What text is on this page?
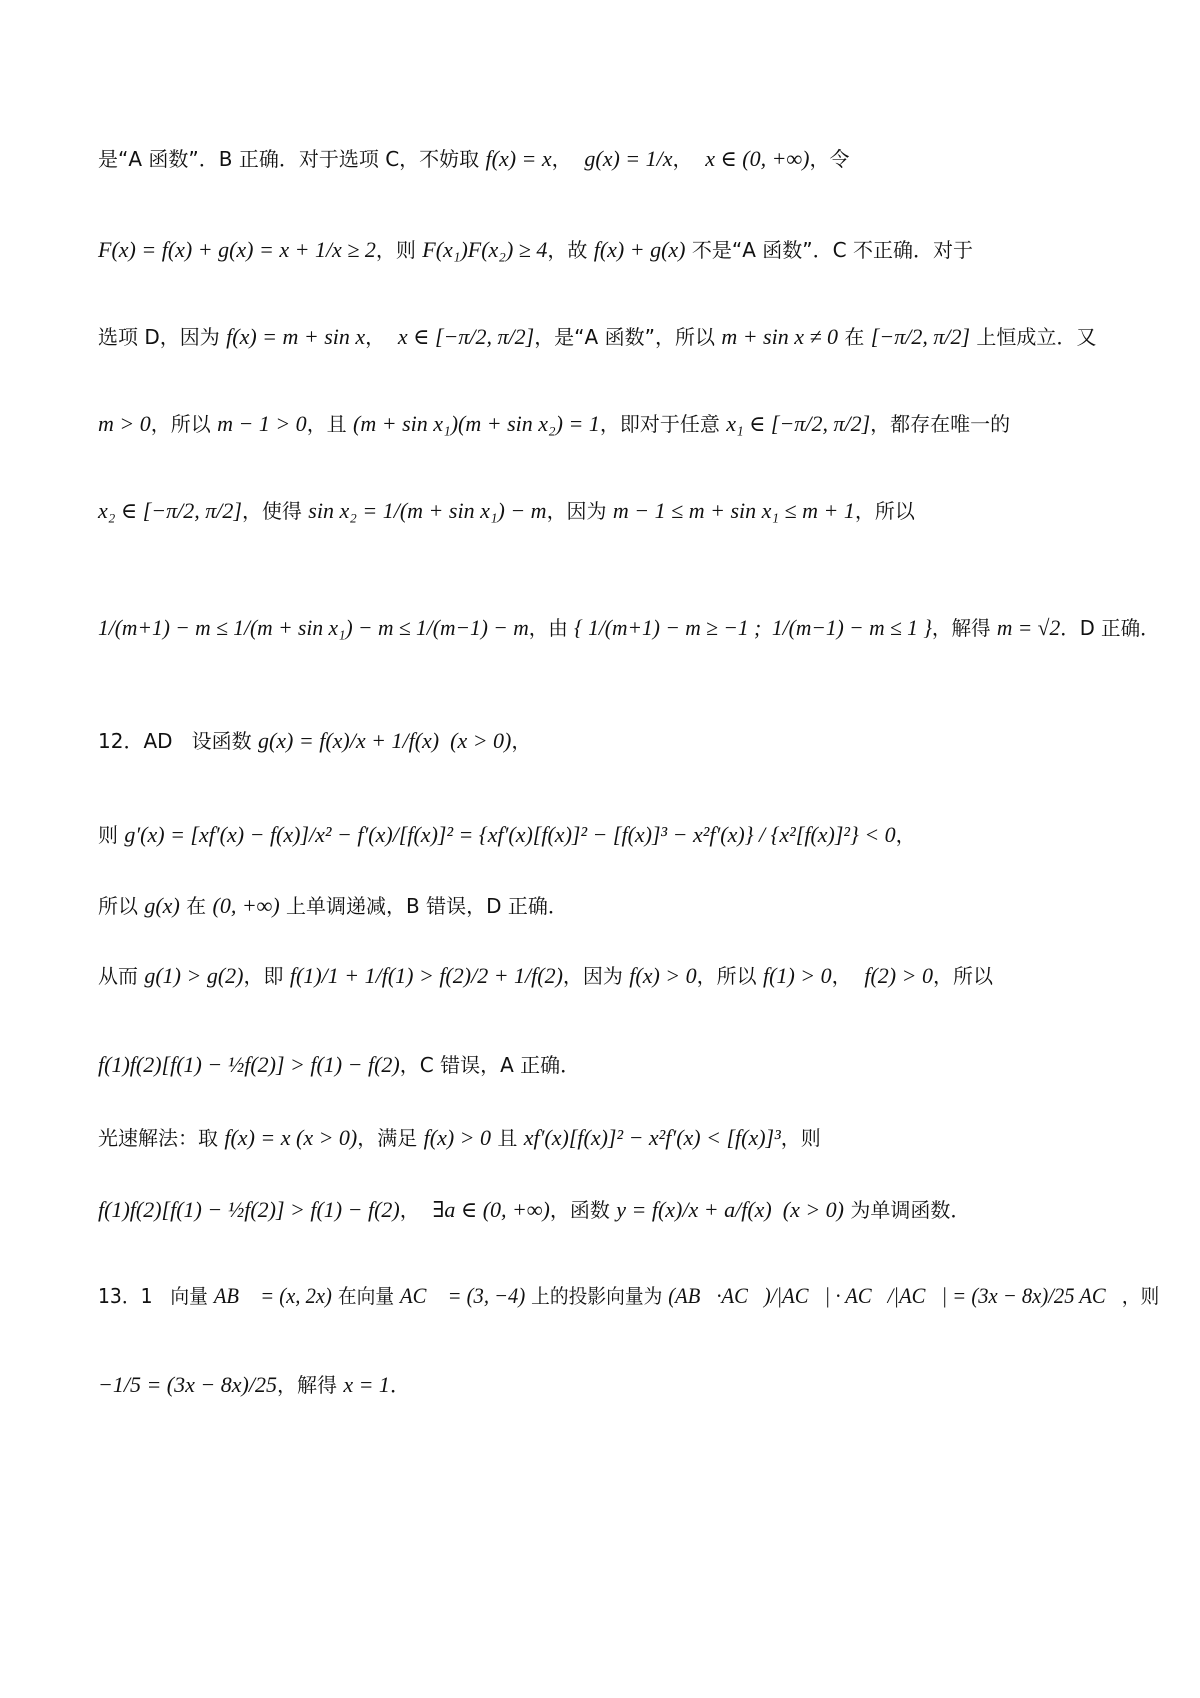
是“A 函数”．B 正确．对于选项 C，不妨取 f(x) = x ， g(x) = 1/x ， x ∈ (0, +∞) ，令
F(x) = f(x) + g(x) = x + 1/x ≥ 2 ，则 F(x₁)F(x₂) ≥ 4 ，故 f(x) + g(x) 不是“A 函数”．C 不正确．对于
选项 D，因为 f(x) = m + sin x ， x ∈ [−π/2, π/2] ，是“A 函数”，所以 m + sin x ≠ 0 在 [−π/2, π/2] 上恒成立．又
m > 0 ，所以 m − 1 > 0 ，且 (m + sin x₁)(m + sin x₂) = 1 ，即对于任意 x₁ ∈ [−π/2, π/2] ，都存在唯一的
x₂ ∈ [−π/2, π/2] ，使得 sin x₂ = 1/(m + sin x₁) − m ，因为 m − 1 ≤ m + sin x₁ ≤ m + 1 ，所以
1/(m+1) − m ≤ 1/(m + sin x₁) − m ≤ 1/(m−1) − m ，由 { 1/(m+1) − m ≥ −1 ;  1/(m−1) − m ≤ 1 } ，解得 m = √2 ．D 正确．
12．AD   设函数 g(x) = f(x)/x + 1/f(x)  (x > 0) ，
则 g′(x) = [xf′(x) − f(x)]/x² − f′(x)/[f(x)]² = {xf′(x)[f(x)]² − [f(x)]³ − x²f′(x)} / {x²[f(x)]²} < 0 ，
所以 g(x) 在 (0, +∞) 上单调递减，B 错误，D 正确．
从而 g(1) > g(2) ，即 f(1)/1 + 1/f(1) > f(2)/2 + 1/f(2) ，因为 f(x) > 0 ，所以 f(1) > 0 ， f(2) > 0 ，所以
f(1)f(2)[f(1) − ½f(2)] > f(1) − f(2) ，C 错误，A 正确．
光速解法：取 f(x) = x (x > 0) ，满足 f(x) > 0 且 xf′(x)[f(x)]² − x²f′(x) < [f(x)]³ ，则
f(1)f(2)[f(1) − ½f(2)] > f(1) − f(2) ， ∃a ∈ (0, +∞) ，函数 y = f(x)/x + a/f(x)  (x > 0) 为单调函数．
13．1   向量 AB⃗ = (x, 2x) 在向量 AC⃗ = (3, −4) 上的投影向量为 (AB⃗·AC⃗)/|AC⃗| · AC⃗/|AC⃗| = (3x − 8x)/25 AC⃗ ，则
−1/5 = (3x − 8x)/25 ，解得 x = 1 ．
